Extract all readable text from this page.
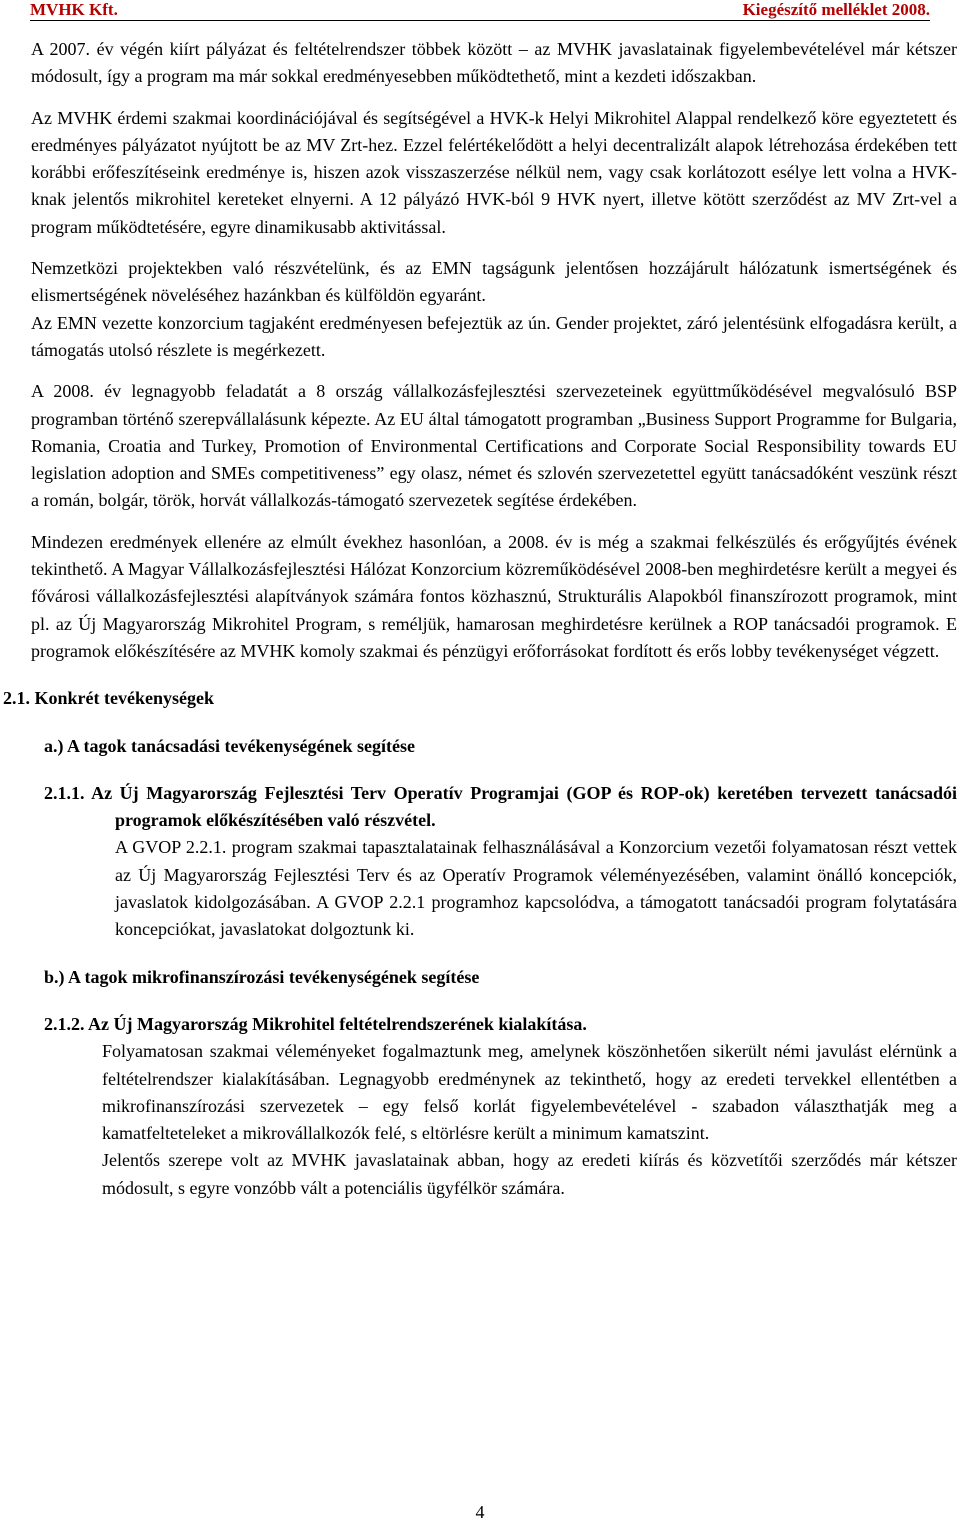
MVHK Kft.	Kiegészítő melléklet 2008.

A 2007. év végén kiírt pályázat és feltételrendszer többek között – az MVHK javaslatainak figyelembevételével már kétszer módosult, így a program ma már sokkal eredményesebben működtethető, mint a kezdeti időszakban.

Az MVHK érdemi szakmai koordinációjával és segítségével a HVK-k Helyi Mikrohitel Alappal rendelkező köre egyeztetett és eredményes pályázatot nyújtott be az MV Zrt-hez. Ezzel felértékelődött a helyi decentralizált alapok létrehozása érdekében tett korábbi erőfeszítéseink eredménye is, hiszen azok visszaszerzése nélkül nem, vagy csak korlátozott esélye lett volna a HVK-knak jelentős mikrohitel kereteket elnyerni. A 12 pályázó HVK-ból 9 HVK nyert, illetve kötött szerződést az MV Zrt-vel a program működtetésére, egyre dinamikusabb aktivitással.

Nemzetközi projektekben való részvételünk, és az EMN tagságunk jelentősen hozzájárult hálózatunk ismertségének és elismertségének növeléséhez hazánkban és külföldön egyaránt.

Az EMN vezette konzorcium tagjaként eredményesen befejeztük az ún. Gender projektet, záró jelentésünk elfogadásra került, a támogatás utolsó részlete is megérkezett.

A 2008. év legnagyobb feladatát a 8 ország vállalkozásfejlesztési szervezeteinek együttműködésével megvalósuló BSP programban történő szerepvállalásunk képezte. Az EU által támogatott programban „Business Support Programme for Bulgaria, Romania, Croatia and Turkey, Promotion of Environmental Certifications and Corporate Social Responsibility towards EU legislation adoption and SMEs competitiveness” egy olasz, német és szlovén szervezetettel együtt tanácsadóként veszünk részt a román, bolgár, török, horvát vállalkozás-támogató szervezetek segítése érdekében.

Mindezen eredmények ellenére az elmúlt évekhez hasonlóan, a 2008. év is még a szakmai felkészülés és erőgyűjtés évének tekinthető. A Magyar Vállalkozásfejlesztési Hálózat Konzorcium közreműködésével 2008-ben meghirdetésre került a megyei és fővárosi vállalkozásfejlesztési alapítványok számára fontos közhasznú, Strukturális Alapokból finanszírozott programok, mint pl. az Új Magyarország Mikrohitel Program, s reméljük, hamarosan meghirdetésre kerülnek a ROP tanácsadói programok. E programok előkészítésére az MVHK komoly szakmai és pénzügyi erőforrásokat fordított és erős lobby tevékenységet végzett.

2.1. Konkrét tevékenységek

a.) A tagok tanácsadási tevékenységének segítése

2.1.1. Az Új Magyarország Fejlesztési Terv Operatív Programjai (GOP és ROP-ok) keretében tervezett tanácsadói programok előkészítésében való részvétel.

A GVOP 2.2.1. program szakmai tapasztalatainak felhasználásával a Konzorcium vezetői folyamatosan részt vettek az Új Magyarország Fejlesztési Terv és az Operatív Programok véleményezésében, valamint önálló koncepciók, javaslatok kidolgozásában. A GVOP 2.2.1 programhoz kapcsolódva, a támogatott tanácsadói program folytatására koncepciókat, javaslatokat dolgoztunk ki.

b.) A tagok mikrofinanszírozási tevékenységének segítése

2.1.2. Az Új Magyarország Mikrohitel feltételrendszerének kialakítása.

Folyamatosan szakmai véleményeket fogalmaztunk meg, amelynek köszönhetően sikerült némi javulást elérnünk a feltételrendszer kialakításában. Legnagyobb eredménynek az tekinthető, hogy az eredeti tervekkel ellentétben a mikrofinanszírozási szervezetek – egy felső korlát figyelembevételével - szabadon választhatják meg a kamatfelteteleket a mikrovállalkozók felé, s eltörlésre került a minimum kamatszint.

Jelentős szerepe volt az MVHK javaslatainak abban, hogy az eredeti kiírás és közvetítői szerződés már kétszer módosult, s egyre vonzóbb vált a potenciális ügyfélkör számára.

4
